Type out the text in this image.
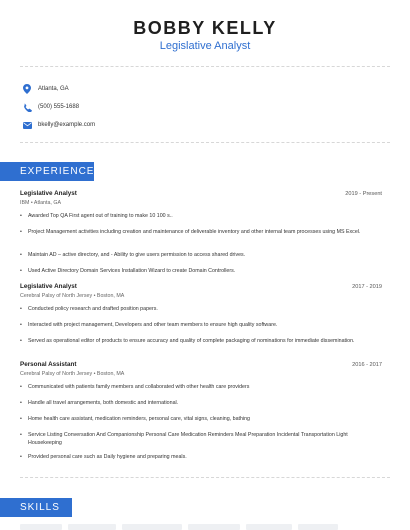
BOBBY KELLY
Legislative Analyst
Atlanta, GA
(500) 555-1688
bkelly@example.com
EXPERIENCE
Legislative Analyst	2019 - Present
IBM • Atlanta, GA
•	Awarded Top QA First agent out of training to make 10 100 s..
•	Project Management activities including creation and maintenance of deliverable inventory and other internal team processes using MS Excel.
•	Maintain AD – active directory, and - Ability to give users permission to access shared drives.
•	Used Active Directory Domain Services Installation Wizard to create Domain Controllers.
Legislative Analyst	2017 - 2019
Cerebral Palsy of North Jersey • Boston, MA
•	Conducted policy research and drafted position papers.
•	Interacted with project management, Developers and other team members to ensure high quality software.
•	Served as operational editor of products to ensure accuracy and quality of complete packaging of nominations for immediate dissemination.
Personal Assistant	2016 - 2017
Cerebral Palsy of North Jersey • Boston, MA
•	Communicated with patients family members and collaborated with other health care providers
•	Handle all travel arrangements, both domestic and international.
•	Home health care assistant, medication reminders, personal care, vital signs, cleaning, bathing
•	Service Listing Conversation And Companionship Personal Care Medication Reminders Meal Preparation Incidental Transportation Light Housekeeping
•	Provided personal care such as Daily hygiene and preparing meals.
SKILLS
